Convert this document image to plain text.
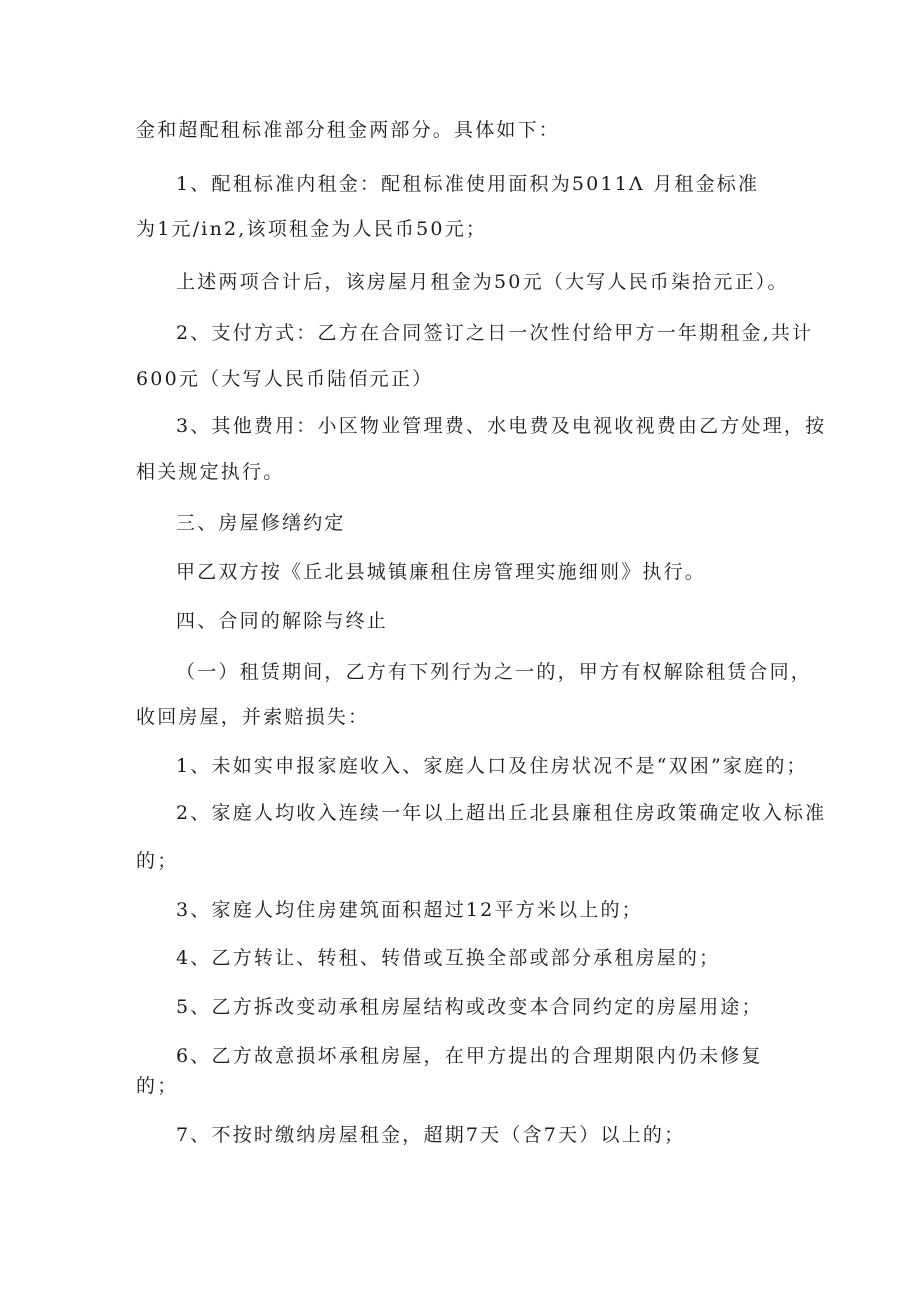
金和超配租标准部分租金两部分。具体如下：
1、配租标准内租金：配租标准使用面积为5011Λ 月租金标准
为1元/in2,该项租金为人民币50元；
上述两项合计后，该房屋月租金为50元（大写人民币柒拾元正）。
2、支付方式：乙方在合同签订之日一次性付给甲方一年期租金,共计
600元（大写人民币陆佰元正）
3、其他费用：小区物业管理费、水电费及电视收视费由乙方处理，按
相关规定执行。
三、房屋修缮约定
甲乙双方按《丘北县城镇廉租住房管理实施细则》执行。
四、合同的解除与终止
（一）租赁期间，乙方有下列行为之一的，甲方有权解除租赁合同，
收回房屋，并索赔损失：
1、未如实申报家庭收入、家庭人口及住房状况不是“双困”家庭的；
2、家庭人均收入连续一年以上超出丘北县廉租住房政策确定收入标准
的；
3、家庭人均住房建筑面积超过12平方米以上的；
4、乙方转让、转租、转借或互换全部或部分承租房屋的；
5、乙方拆改变动承租房屋结构或改变本合同约定的房屋用途；
6、乙方故意损坏承租房屋，在甲方提出的合理期限内仍未修复
的；
7、不按时缴纳房屋租金，超期7天（含7天）以上的；
